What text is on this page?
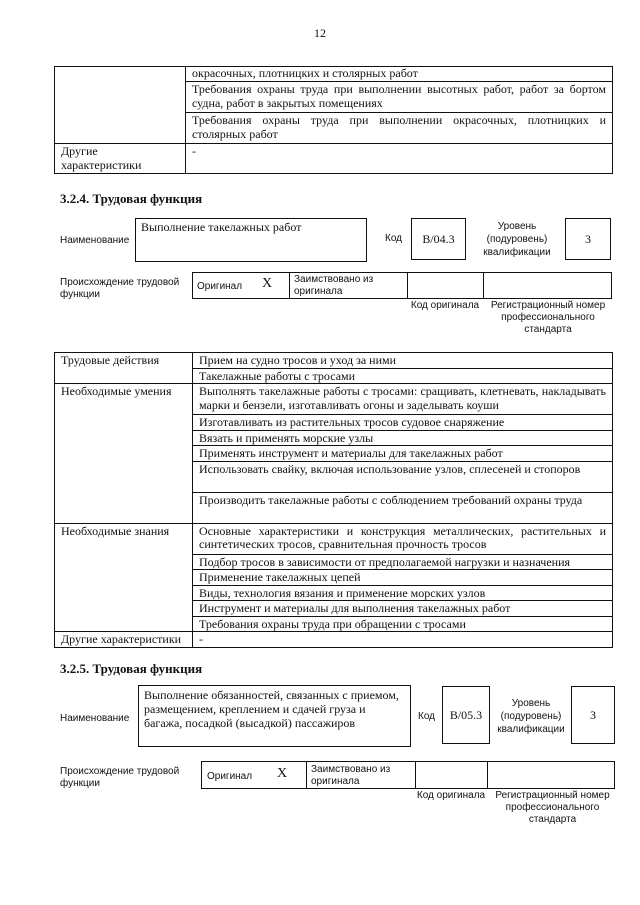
12
	окрасочных, плотницких и столярных работ
	Требования охраны труда при выполнении высотных работ, работ за бортом судна, работ в закрытых помещениях
	Требования охраны труда при выполнении окрасочных, плотницких и столярных работ
Другие характеристики	-
3.2.4. Трудовая функция
Наименование
Выполнение такелажных работ
Код	B/04.3
Уровень (подуровень) квалификации
3
Происхождение трудовой функции
Оригинал X Заимствовано из оригинала
Код оригинала	Регистрационный номер профессионального стандарта
Трудовые действия	Прием на судно тросов и уход за ними
	Такелажные работы с тросами
Необходимые умения	Выполнять такелажные работы с тросами: сращивать, клетневать, накладывать марки и бензели, изготавливать огоны и заделывать коуши
	Изготавливать из растительных тросов судовое снаряжение
	Вязать и применять морские узлы
	Применять инструмент и материалы для такелажных работ
	Использовать свайку, включая использование узлов, сплесеней и стопоров
	Производить такелажные работы с соблюдением требований охраны труда
Необходимые знания	Основные характеристики и конструкция металлических, растительных и синтетических тросов, сравнительная прочность тросов
	Подбор тросов в зависимости от предполагаемой нагрузки и назначения
	Применение такелажных цепей
	Виды, технология вязания и применение морских узлов
	Инструмент и материалы для выполнения такелажных работ
	Требования охраны труда при обращении с тросами
Другие характеристики	-
3.2.5. Трудовая функция
Наименование
Выполнение обязанностей, связанных с приемом, размещением, креплением и сдачей груза и багажа, посадкой (высадкой) пассажиров	Код	B/05.3
Уровень (подуровень) квалификации
3
Происхождение трудовой функции
Оригинал X Заимствовано из оригинала
Код оригинала	Регистрационный номер профессионального стандарта
